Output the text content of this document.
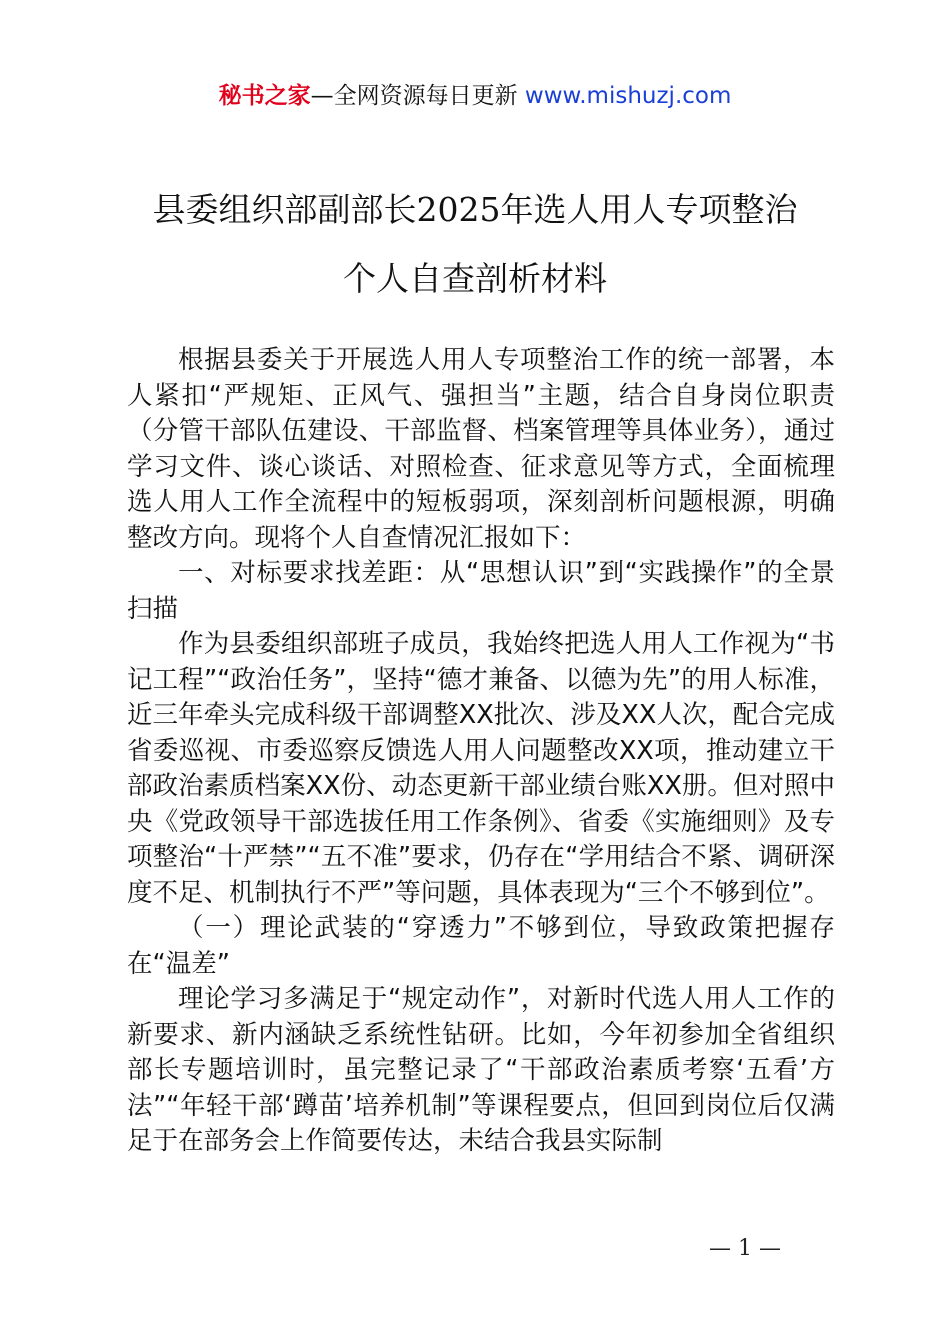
秘书之家—全网资源每日更新 www.mishuzj.com
县委组织部副部长2025年选人用人专项整治
个人自查剖析材料

根据县委关于开展选人用人专项整治工作的统一部署，本人紧扣“严规矩、正风气、强担当”主题，结合自身岗位职责（分管干部队伍建设、干部监督、档案管理等具体业务），通过学习文件、谈心谈话、对照检查、征求意见等方式，全面梳理选人用人工作全流程中的短板弱项，深刻剖析问题根源，明确整改方向。现将个人自查情况汇报如下：

一、对标要求找差距：从“思想认识”到“实践操作”的全景扫描

作为县委组织部班子成员，我始终把选人用人工作视为“书记工程”“政治任务”，坚持“德才兼备、以德为先”的用人标准，近三年牵头完成科级干部调整XX批次、涉及XX人次，配合完成省委巡视、市委巡察反馈选人用人问题整改XX项，推动建立干部政治素质档案XX份、动态更新干部业绩台账XX册。但对照中央《党政领导干部选拔任用工作条例》、省委《实施细则》及专项整治“十严禁”“五不准”要求，仍存在“学用结合不紧、调研深度不足、机制执行不严”等问题，具体表现为“三个不够到位”。

（一）理论武装的“穿透力”不够到位，导致政策把握存在“温差”

理论学习多满足于“规定动作”，对新时代选人用人工作的新要求、新内涵缺乏系统性钻研。比如，今年初参加全省组织部长专题培训时，虽完整记录了“干部政治素质考察‘五看’方法”“年轻干部‘蹲苗’培养机制”等课程要点，但回到岗位后仅满足于在部务会上作简要传达，未结合我县实际制

— 1 —
